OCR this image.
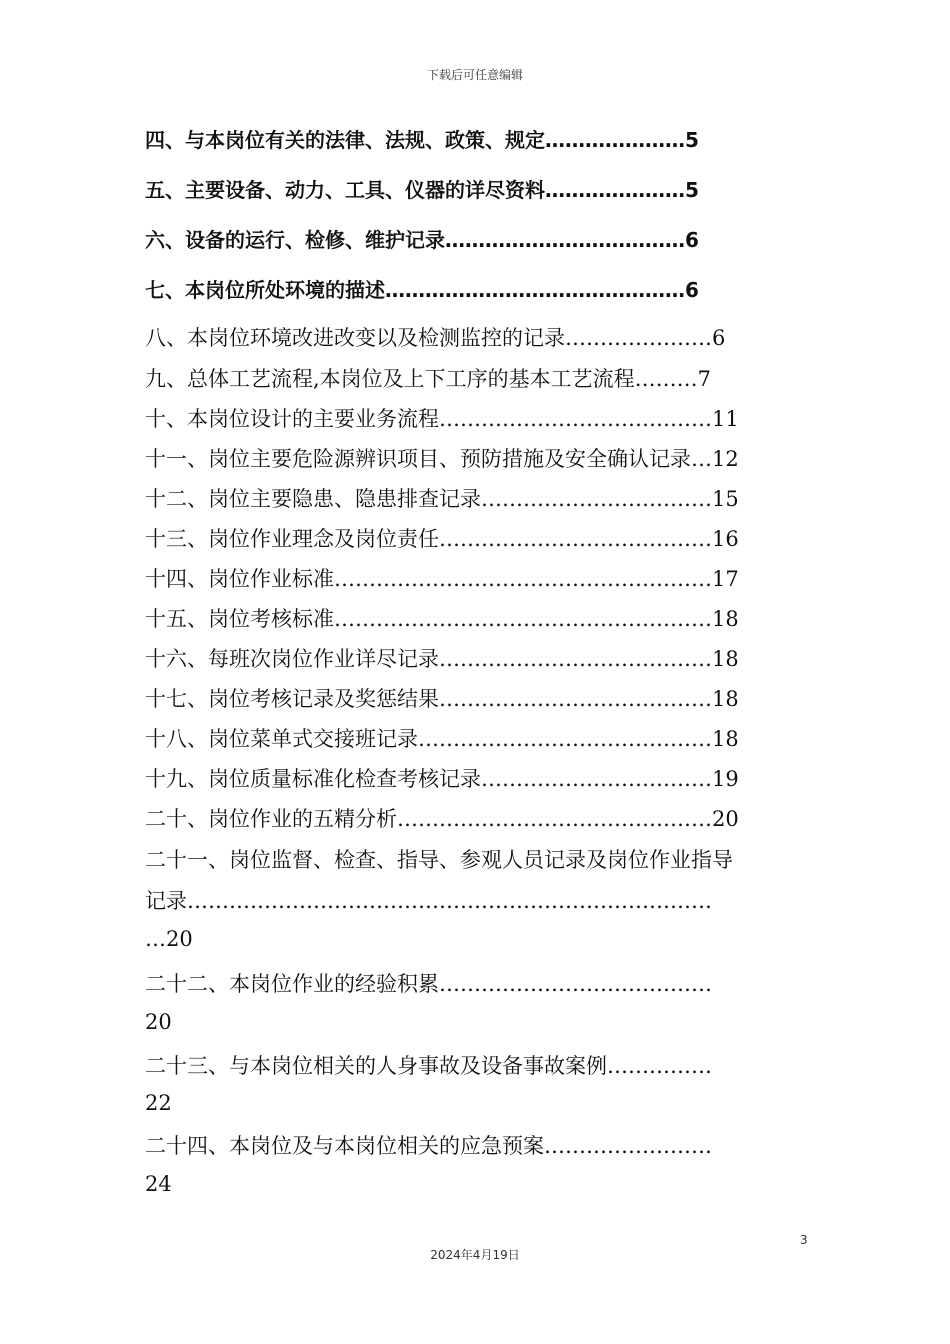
下载后可任意编辑
四、与本岗位有关的法律、法规、政策、规定…………………5
五、主要设备、动力、工具、仪器的详尽资料…………………5
六、设备的运行、检修、维护记录………………………………6
七、本岗位所处环境的描述………………………………………6
八、本岗位环境改进改变以及检测监控的记录…………………6
九、总体工艺流程,本岗位及上下工序的基本工艺流程………7
十、本岗位设计的主要业务流程…………………………………11
十一、岗位主要危险源辨识项目、预防措施及安全确认记录…12
十二、岗位主要隐患、隐患排查记录……………………………15
十三、岗位作业理念及岗位责任…………………………………16
十四、岗位作业标准………………………………………………17
十五、岗位考核标准………………………………………………18
十六、每班次岗位作业详尽记录…………………………………18
十七、岗位考核记录及奖惩结果…………………………………18
十八、岗位菜单式交接班记录……………………………………18
十九、岗位质量标准化检查考核记录……………………………19
二十、岗位作业的五精分析………………………………………20
二十一、岗位监督、检查、指导、参观人员记录及岗位作业指导
记录…………………………………………………………………
…20
二十二、本岗位作业的经验积累…………………………………
20
二十三、与本岗位相关的人身事故及设备事故案例……………
22
二十四、本岗位及与本岗位相关的应急预案……………………
24
3
2024年4月19日
